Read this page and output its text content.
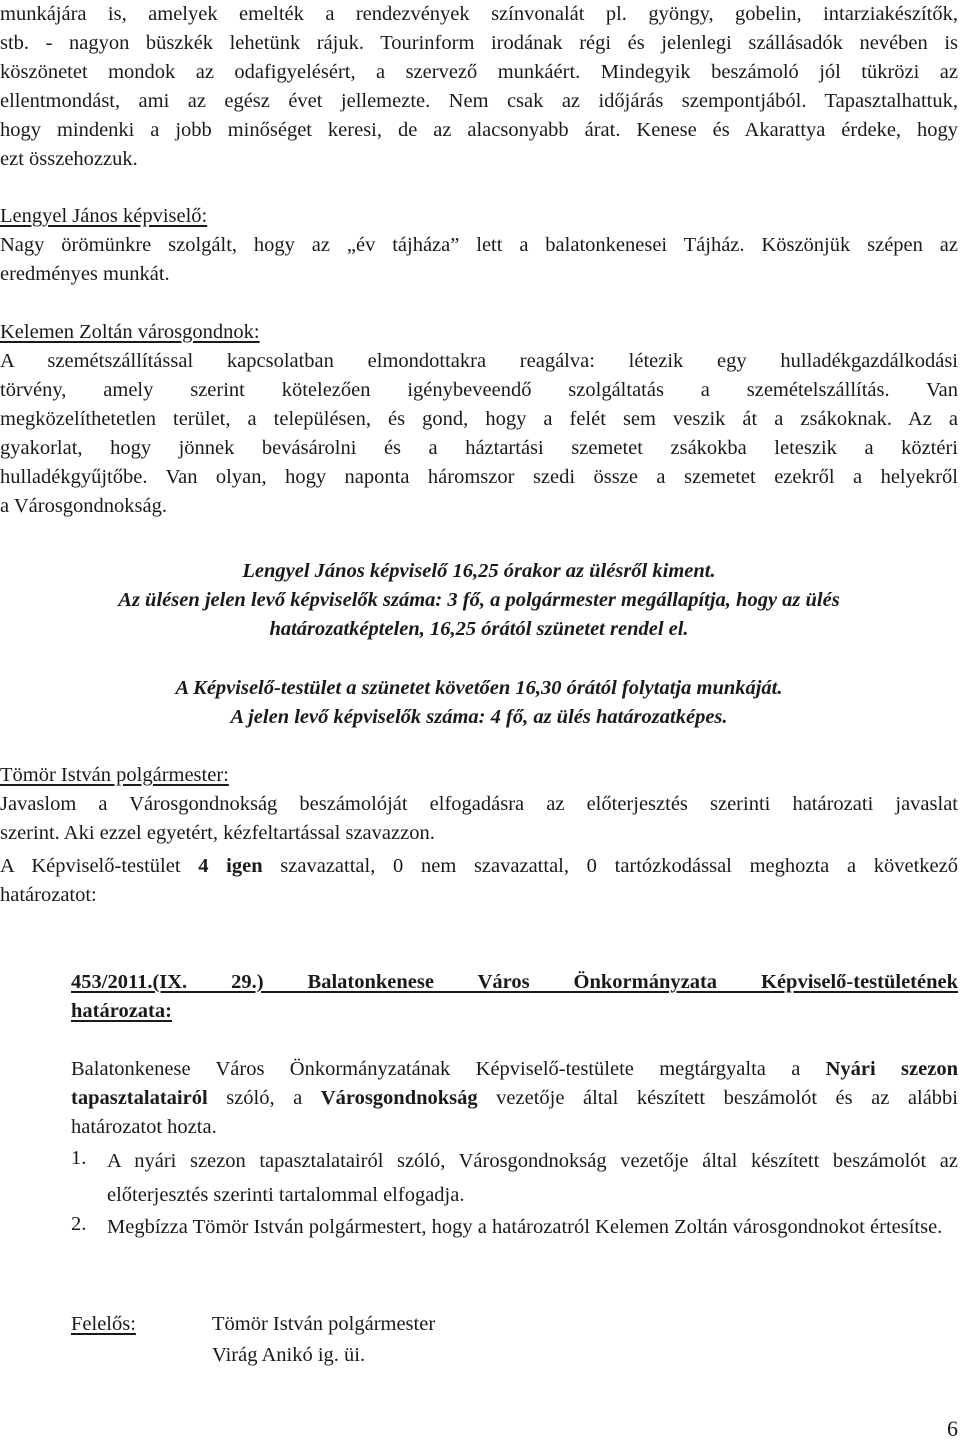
munkájára is, amelyek emelték a rendezvények színvonalát pl. gyöngy, gobelin, intarziakészítők,
stb. - nagyon büszkék lehetünk rájuk. Tourinform irodának régi és jelenlegi szállásadók nevében is
köszönetet mondok az odafigyelésért, a szervező munkáért. Mindegyik beszámoló jól tükrözi az
ellentmondást, ami az egész évet jellemezte. Nem csak az időjárás szempontjából. Tapasztalhattuk,
hogy mindenki a jobb minőséget keresi, de az alacsonyabb árat. Kenese és Akarattya érdeke, hogy
ezt összehozzuk.
Lengyel János képviselő:
Nagy örömünkre szolgált, hogy az „év tájháza” lett a balatonkenesei Tájház. Köszönjük szépen az
eredményes munkát.
Kelemen Zoltán városgondnok:
A szemétszállítással kapcsolatban elmondottakra reagálva: létezik egy hulladékgazdálkodási
törvény, amely szerint kötelezően igénybeveendő szolgáltatás a szemételszállítás. Van
megközelíthetetlen terület, a településen, és gond, hogy a felét sem veszik át a zsákoknak. Az a
gyakorlat, hogy jönnek bevásárolni és a háztartási szemetet zsákokba leteszik a köztéri
hulladékgyűjtőbe. Van olyan, hogy naponta háromszor szedi össze a szemetet ezekről a helyekről
a Városgondnokság.
Lengyel János képviselő 16,25 órakor az ülésről kiment.
Az ülésen jelen levő képviselők száma: 3 fő, a polgármester megállapítja, hogy az ülés
határozatképtelen, 16,25 órától szünetet rendel el.
A Képviselő-testület a szünetet követően 16,30 órától folytatja munkáját.
A jelen levő képviselők száma: 4 fő, az ülés határozatképes.
Tömör István polgármester:
Javaslom a Városgondnokság beszámolóját elfogadásra az előterjesztés szerinti határozati javaslat
szerint. Aki ezzel egyetért, kézfeltartással szavazzon.
A Képviselő-testület 4 igen szavazattal, 0 nem szavazattal, 0 tartózkodással meghozta a következő
határozatot:
453/2011.(IX. 29.) Balatonkenese Város Önkormányzata Képviselő-testületének
határozata:
Balatonkenese Város Önkormányzatának Képviselő-testülete megtárgyalta a Nyári szezon
tapasztalatairól szóló, a Városgondnokság vezetője által készített beszámolót és az alábbi
határozatot hozta.
1. A nyári szezon tapasztalatairól szóló, Városgondnokság vezetője által készített beszámolót az előterjesztés szerinti tartalommal elfogadja.
2. Megbízza Tömör István polgármestert, hogy a határozatról Kelemen Zoltán városgondnokot értesítse.
Felelős:	Tömör István polgármester
Virág Anikó ig. üi.
6
